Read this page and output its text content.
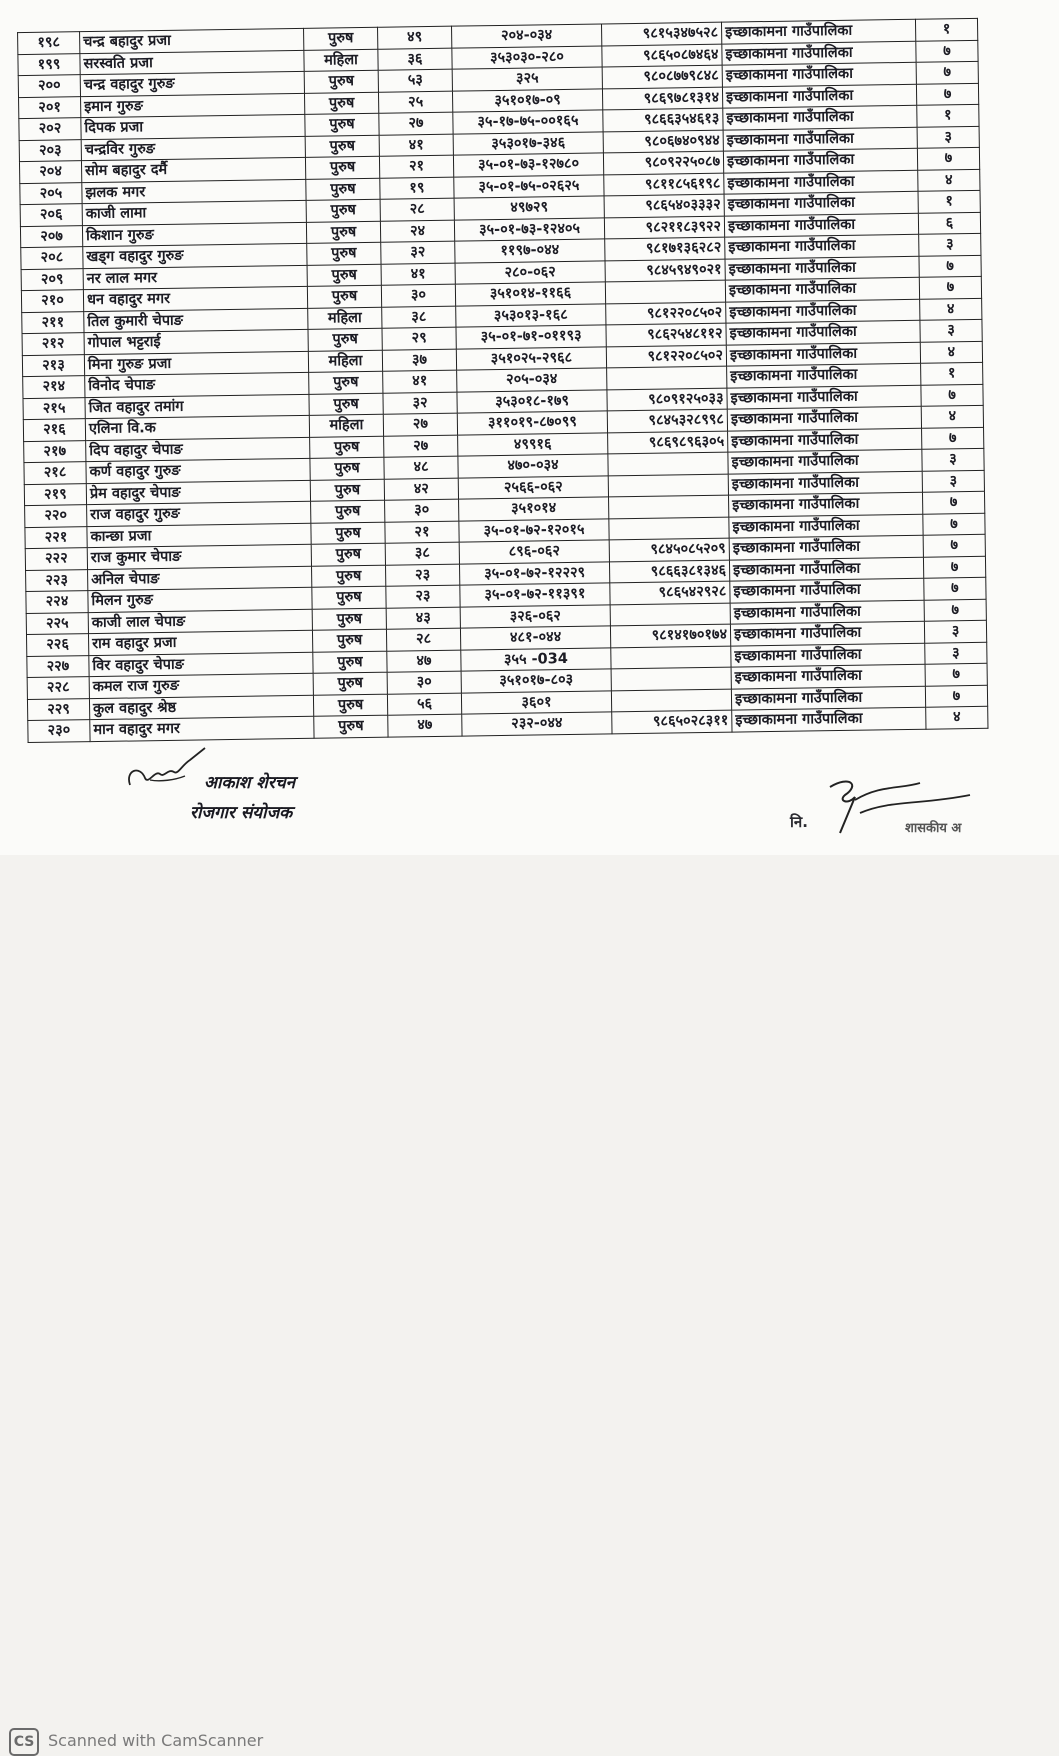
१९८	चन्द्र बहादुर प्रजा	पुरुष	४९	२०४-०३४	९८१५३४७५२८	इच्छाकामना गाउँपालिका	१
१९९	सरस्वति प्रजा	महिला	३६	३५३०३०-२८०	९८६५०८७४६४	इच्छाकामना गाउँपालिका	७
२००	चन्द्र वहादुर गुरुङ	पुरुष	५३	३२५	९८०८७७९८४८	इच्छाकामना गाउँपालिका	७
२०१	इमान गुरुङ	पुरुष	२५	३५१०१७-०९	९८६९७८१३१४	इच्छाकामना गाउँपालिका	७
२०२	दिपक प्रजा	पुरुष	२७	३५-१७-७५-००१६५	९८६६३५४६१३	इच्छाकामना गाउँपालिका	१
२०३	चन्द्रविर गुरुङ	पुरुष	४१	३५३०१७-३४६	९८०६७४०९४४	इच्छाकामना गाउँपालिका	३
२०४	सोम बहादुर दर्मै	पुरुष	२१	३५-०१-७३-१२७८०	९८०९२२५०८७	इच्छाकामना गाउँपालिका	७
२०५	झलक मगर	पुरुष	१९	३५-०१-७५-०२६२५	९८११८५६१९८	इच्छाकामना गाउँपालिका	४
२०६	काजी लामा	पुरुष	२८	४९७२९	९८६५४०३३३२	इच्छाकामना गाउँपालिका	१
२०७	किशान गुरुङ	पुरुष	२४	३५-०१-७३-१२४०५	९८२११८३९२२	इच्छाकामना गाउँपालिका	६
२०८	खड्ग वहादुर गुरुङ	पुरुष	३२	११९७-०४४	९८१७१३६२८२	इच्छाकामना गाउँपालिका	३
२०९	नर लाल मगर	पुरुष	४१	२८०-०६२	९८४५९४९०२१	इच्छाकामना गाउँपालिका	७
२१०	धन वहादुर मगर	पुरुष	३०	३५१०१४-११६६		इच्छाकामना गाउँपालिका	७
२११	तिल कुमारी चेपाङ	महिला	३८	३५३०१३-१६८	९८१२२०८५०२	इच्छाकामना गाउँपालिका	४
२१२	गोपाल भट्टराई	पुरुष	२९	३५-०१-७१-०११९३	९८६२५४८११२	इच्छाकामना गाउँपालिका	३
२१३	मिना गुरुङ प्रजा	महिला	३७	३५१०२५-२९६८	९८१२२०८५०२	इच्छाकामना गाउँपालिका	४
२१४	विनोद चेपाङ	पुरुष	४१	२०५-०३४		इच्छाकामना गाउँपालिका	१
२१५	जित वहादुर तमांग	पुरुष	३२	३५३०१८-१७९	९८०९१२५०३३	इच्छाकामना गाउँपालिका	७
२१६	एलिना वि.क	महिला	२७	३११०१९-८७०९९	९८४५३२८९९८	इच्छाकामना गाउँपालिका	४
२१७	दिप वहादुर चेपाङ	पुरुष	२७	४९९१६	९८६९८९६३०५	इच्छाकामना गाउँपालिका	७
२१८	कर्ण वहादुर गुरुङ	पुरुष	४८	४७०-०३४		इच्छाकामना गाउँपालिका	३
२१९	प्रेम वहादुर चेपाङ	पुरुष	४२	२५६६-०६२		इच्छाकामना गाउँपालिका	३
२२०	राज वहादुर गुरुङ	पुरुष	३०	३५१०१४		इच्छाकामना गाउँपालिका	७
२२१	कान्छा प्रजा	पुरुष	२१	३५-०१-७२-१२०१५		इच्छाकामना गाउँपालिका	७
२२२	राज कुमार चेपाङ	पुरुष	३८	८९६-०६२	९८४५०८५२०९	इच्छाकामना गाउँपालिका	७
२२३	अनिल चेपाङ	पुरुष	२३	३५-०१-७२-१२२२९	९८६६३८१३४६	इच्छाकामना गाउँपालिका	७
२२४	मिलन गुरुङ	पुरुष	२३	३५-०१-७२-११३९१	९८६५४२९२८	इच्छाकामना गाउँपालिका	७
२२५	काजी लाल चेपाङ	पुरुष	४३	३२६-०६२		इच्छाकामना गाउँपालिका	७
२२६	राम वहादुर प्रजा	पुरुष	२८	४८१-०४४	९८१४१७०१७४	इच्छाकामना गाउँपालिका	३
२२७	विर वहादुर चेपाङ	पुरुष	४७	३५५ -034		इच्छाकामना गाउँपालिका	३
२२८	कमल राज गुरुङ	पुरुष	३०	३५१०१७-८०३		इच्छाकामना गाउँपालिका	७
२२९	कुल वहादुर श्रेष्ठ	पुरुष	५६	३६०१		इच्छाकामना गाउँपालिका	७
२३०	मान वहादुर मगर	पुरुष	४७	२३२-०४४	९८६५०२८३११	इच्छाकामना गाउँपालिका	४
आकाश शेरचन
रोजगार संयोजक	नि.	शासकीय अ
CS Scanned with CamScanner
